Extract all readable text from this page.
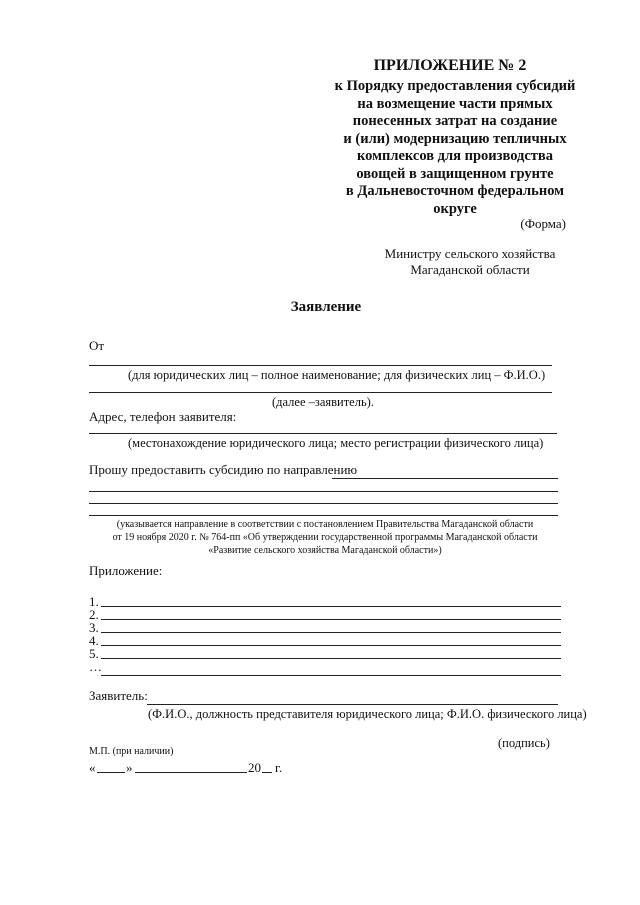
ПРИЛОЖЕНИЕ № 2
к Порядку предоставления субсидий
на возмещение части прямых
понесенных затрат на создание
и (или) модернизацию тепличных
комплексов для производства
овощей в защищенном грунте
в Дальневосточном федеральном
округе
(Форма)
Министру сельского хозяйства
Магаданской области
Заявление
От
(для юридических лиц – полное наименование; для физических лиц – Ф.И.О.)
(далее –заявитель).
Адрес, телефон заявителя:
(местонахождение юридического лица; место регистрации физического лица)
Прошу предоставить субсидию по направлению
(указывается направление в соответствии с постановлением Правительства Магаданской области
от 19 ноября 2020 г. № 764-пп «Об утверждении государственной программы Магаданской области
«Развитие сельского хозяйства Магаданской области»)
Приложение:
1.
2.
3.
4.
5.
…
Заявитель:
(Ф.И.О., должность представителя юридического лица; Ф.И.О. физического лица)
(подпись)
М.П. (при наличии)
« »	20 г.
